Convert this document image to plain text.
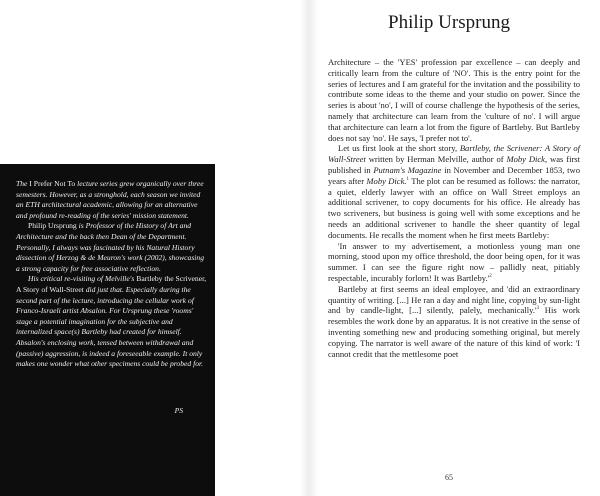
The I Prefer Not To lecture series grew organically over three semesters. However, as a stronghold, each season we invited an ETH architectural academic, allowing for an alternative and profound re-reading of the series' mission statement.

Philip Ursprung is Professor of the History of Art and Architecture and the back then Dean of the Department. Personally, I always was fascinated by his Natural History dissection of Herzog & de Meuron's work (2002), showcasing a strong capacity for free associative reflection.

His critical re-visiting of Melville's Bartleby the Scrivener, A Story of Wall-Street did just that. Especially during the second part of the lecture, introducing the cellular work of Franco-Israeli artist Absalon. For Ursprung these 'rooms' stage a potential imagination for the subjective and internalized space(s) Bartleby had created for himself. Absalon's enclosing work, tensed between withdrawal and (passive) aggression, is indeed a foreseeable example. It only makes one wonder what other specimens could be probed for.

PS
Philip Ursprung

Architecture – the 'YES' profession par excellence – can deeply and critically learn from the culture of 'NO'. This is the entry point for the series of lectures and I am grateful for the invitation and the possibility to contribute some ideas to the theme and your studio on power. Since the series is about 'no', I will of course challenge the hypothesis of the series, namely that architecture can learn from the 'culture of no'. I will argue that architecture can learn a lot from the figure of Bartleby. But Bartleby does not say 'no'. He says, 'I prefer not to'.

Let us first look at the short story, Bartleby, the Scrivener: A Story of Wall-Street written by Herman Melville, author of Moby Dick, was first published in Putnam's Magazine in November and December 1853, two years after Moby Dick.$^1$ The plot can be resumed as follows: the narrator, a quiet, elderly lawyer with an office on Wall Street employs an additional scrivener, to copy documents for his office. He already has two scriveners, but business is going well with some exceptions and he needs an additional scrivener to handle the sheer quantity of legal documents. He recalls the moment when he first meets Bartleby:

'In answer to my advertisement, a motionless young man one morning, stood upon my office threshold, the door being open, for it was summer. I can see the figure right now – pallidly neat, pitiably respectable, incurably forlorn! It was $Bartleby.'^2$

Bartleby at first seems an ideal employee, and 'did an extraordinary quantity of writing. [...] He ran a day and night line, copying by sun-light and by candle-light, [...] silently, palely, $mechanically.'^3$ His work resembles the work done by an apparatus. It is not creative in the sense of inventing something new and producing something original, but merely copying. The narrator is well aware of the nature of this kind of work: 'I cannot credit that the mettlesome poet

65
